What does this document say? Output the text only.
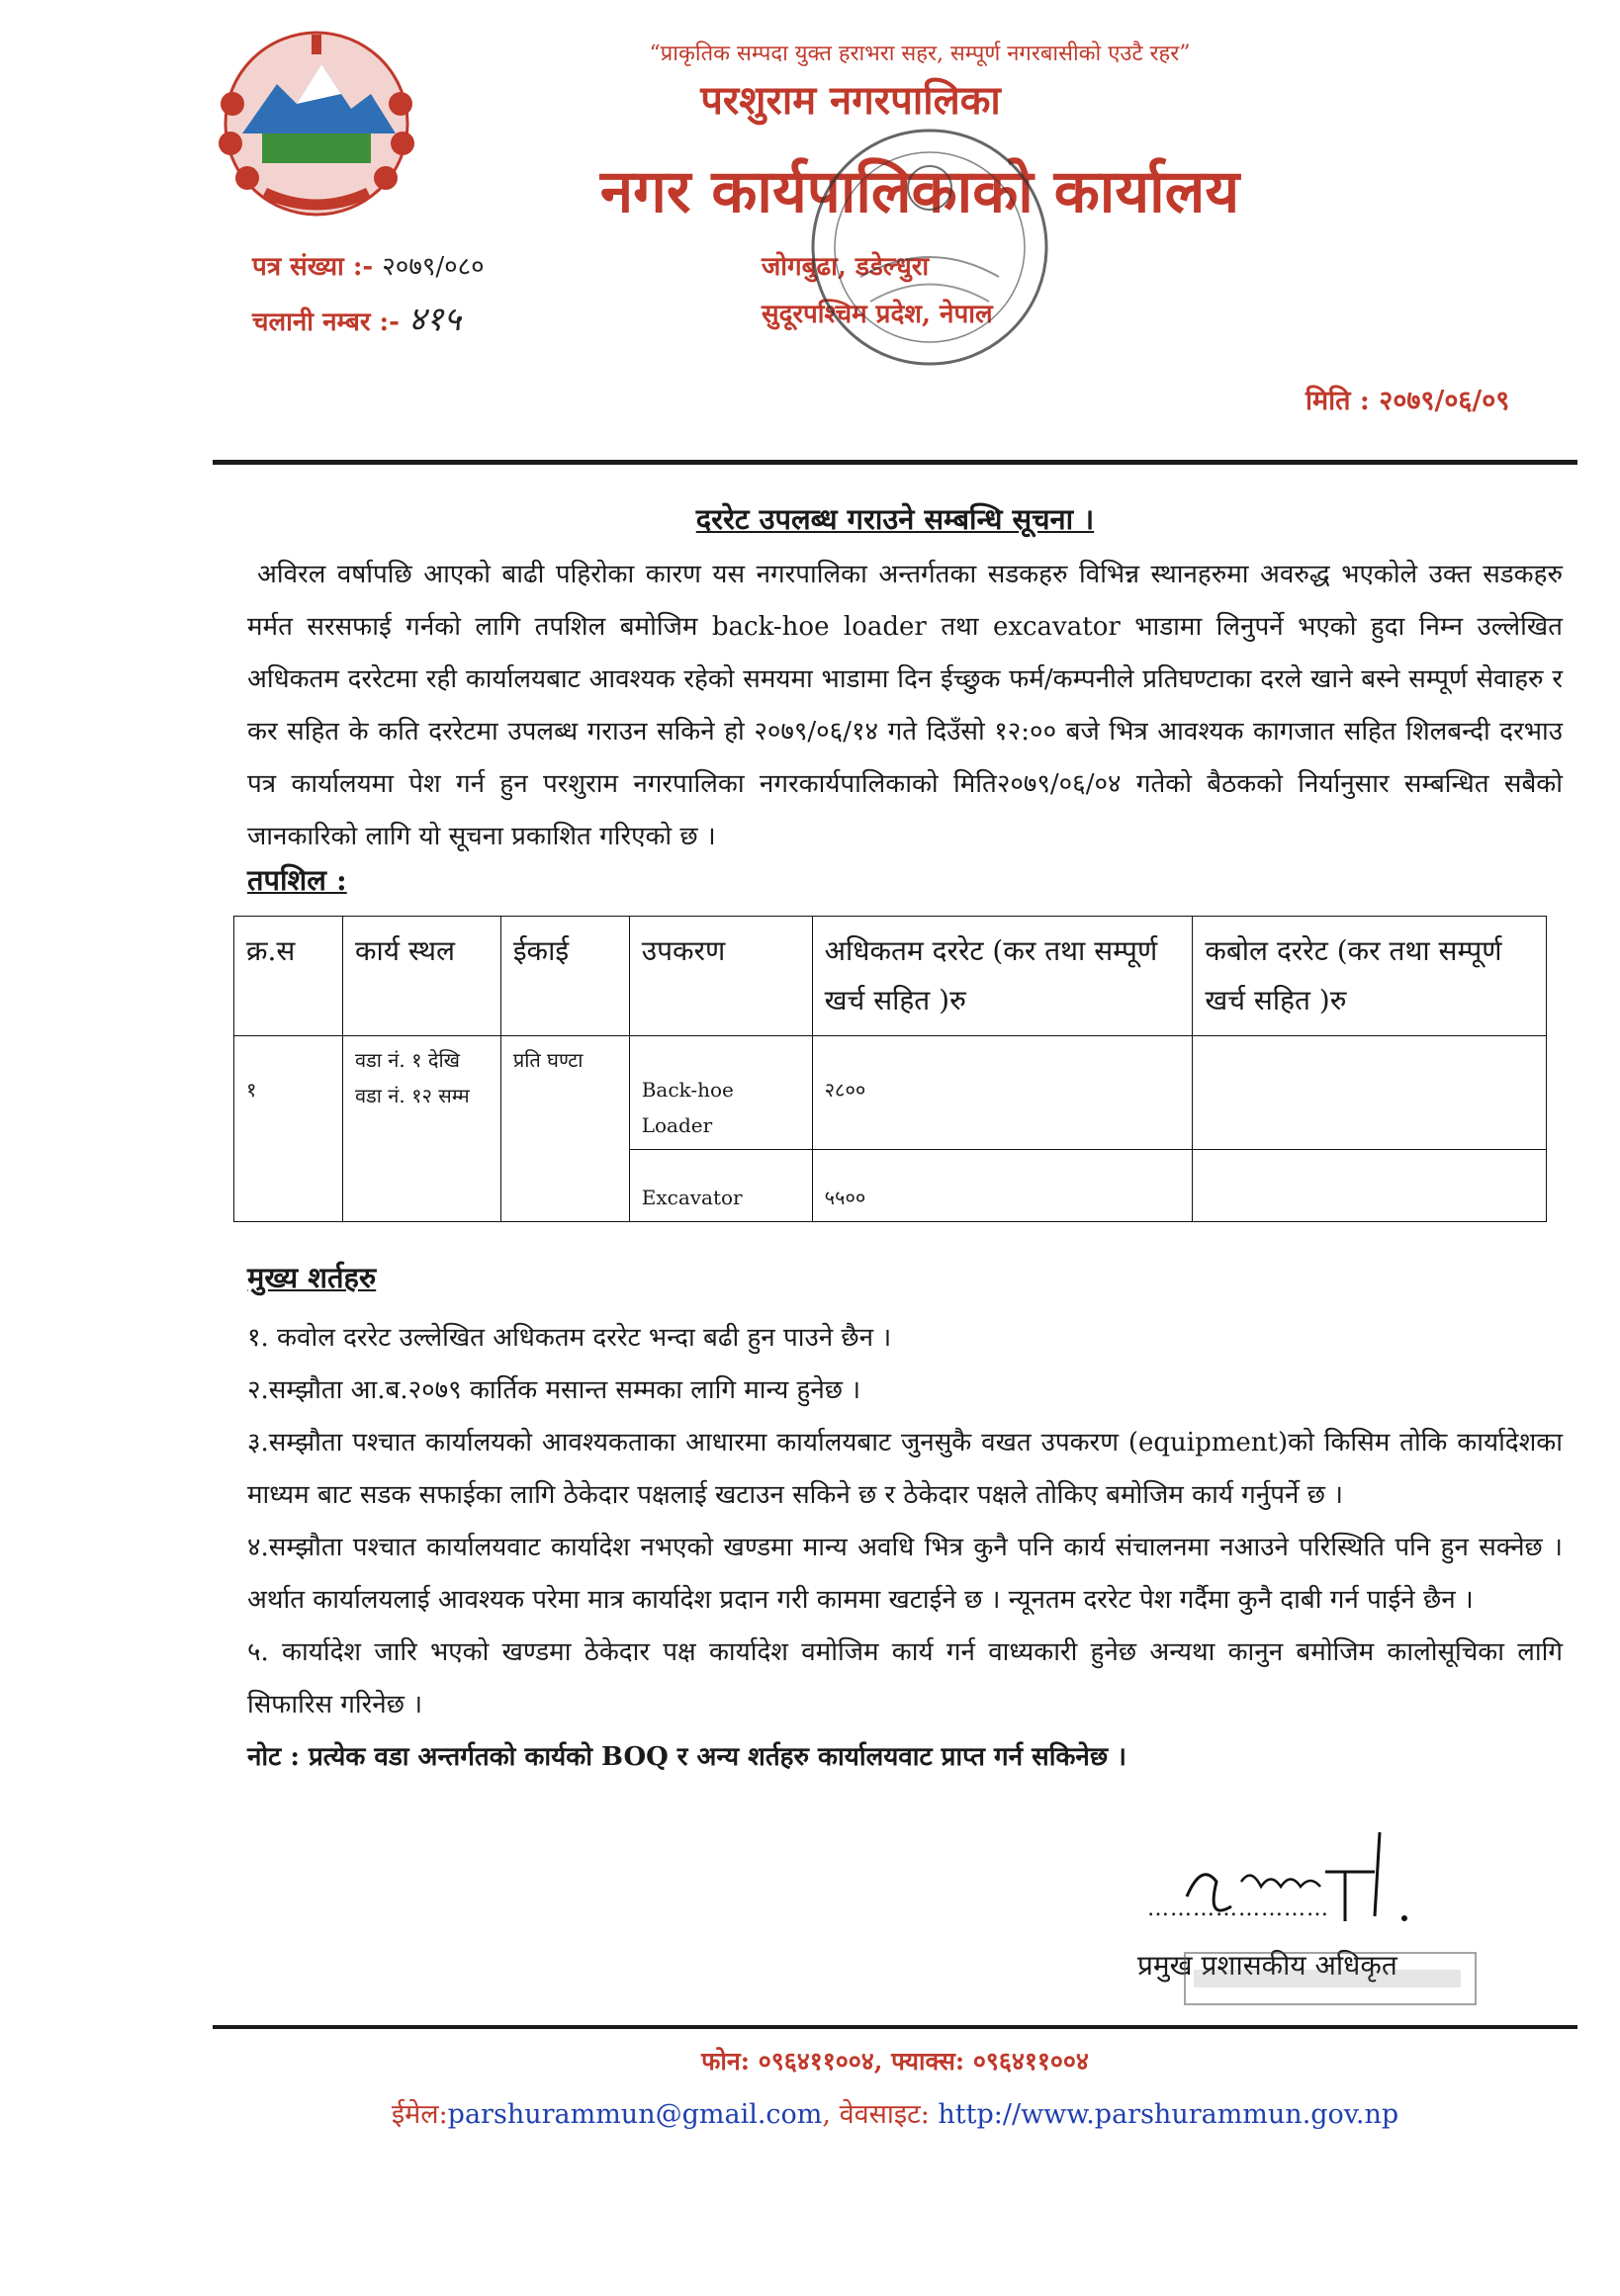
“प्राकृतिक सम्पदा युक्त हराभरा सहर, सम्पूर्ण नगरबासीको एउटै रहर”
परशुराम नगरपालिका
नगर कार्यपालिकाको कार्यालय
पत्र संख्या :- २०७९/०८०
चलानी नम्बर :- ४१५
जोगबुढा, डडेल्धुरा
सुदूरपश्चिम प्रदेश, नेपाल
मिति : २०७९/०६/०९
दररेट उपलब्ध गराउने सम्बन्धि सूचना ।
अविरल वर्षापछि आएको बाढी पहिरोका कारण यस नगरपालिका अन्तर्गतका सडकहरु विभिन्न स्थानहरुमा अवरुद्ध भएकोले उक्त सडकहरु मर्मत सरसफाई गर्नको लागि तपशिल बमोजिम back-hoe loader तथा excavator भाडामा लिनुपर्ने भएको हुदा निम्न उल्लेखित अधिकतम दररेटमा रही कार्यालयबाट आवश्यक रहेको समयमा भाडामा दिन ईच्छुक फर्म/कम्पनीले प्रतिघण्टाका दरले खाने बस्ने सम्पूर्ण सेवाहरु र कर सहित के कति दररेटमा उपलब्ध गराउन सकिने हो २०७९/०६/१४ गते दिउँसो १२:०० बजे भित्र आवश्यक कागजात सहित शिलबन्दी दरभाउ पत्र कार्यालयमा पेश गर्न हुन परशुराम नगरपालिका नगरकार्यपालिकाको मिति२०७९/०६/०४ गतेको बैठकको निर्यानुसार सम्बन्धित सबैको जानकारिको लागि यो सूचना प्रकाशित गरिएको छ ।
तपशिल :
क्र.स	कार्य स्थल	ईकाई	उपकरण	अधिकतम दररेट (कर तथा सम्पूर्ण खर्च सहित )रु	कबोल दररेट (कर तथा सम्पूर्ण खर्च सहित )रु
१	वडा नं. १ देखि वडा नं. १२ सम्म	प्रति घण्टा	Back-hoe Loader	२८००	
			Excavator	५५००	
मुख्य शर्तहरु

१. कवोल दररेट उल्लेखित अधिकतम दररेट भन्दा बढी हुन पाउने छैन ।

२.सम्झौता आ.ब.२०७९ कार्तिक मसान्त सम्मका लागि मान्य हुनेछ ।

३.सम्झौता पश्चात कार्यालयको आवश्यकताका आधारमा कार्यालयबाट जुनसुकै वखत उपकरण (equipment)को किसिम तोकि कार्यादेशका माध्यम बाट सडक सफाईका लागि ठेकेदार पक्षलाई खटाउन सकिने छ र ठेकेदार पक्षले तोकिए बमोजिम कार्य गर्नुपर्ने छ ।

४.सम्झौता पश्चात कार्यालयवाट कार्यादेश नभएको खण्डमा मान्य अवधि भित्र कुनै पनि कार्य संचालनमा नआउने परिस्थिति पनि हुन सक्नेछ । अर्थात कार्यालयलाई आवश्यक परेमा मात्र कार्यादेश प्रदान गरी काममा खटाईने छ । न्यूनतम दररेट पेश गर्दैमा कुनै दाबी गर्न पाईने छैन ।

५. कार्यादेश जारि भएको खण्डमा ठेकेदार पक्ष कार्यादेश वमोजिम कार्य गर्न वाध्यकारी हुनेछ अन्यथा कानुन बमोजिम कालोसूचिका लागि सिफारिस गरिनेछ ।

नोट : प्रत्येक वडा अन्तर्गतको कार्यको BOQ र अन्य शर्तहरु कार्यालयवाट प्राप्त गर्न सकिनेछ ।

……………………
प्रमुख प्रशासकीय अधिकृत
फोन: ०९६४११००४, फ्याक्स: ०९६४११००४
ईमेल:parshurammun@gmail.com, वेवसाइट: http://www.parshurammun.gov.np
